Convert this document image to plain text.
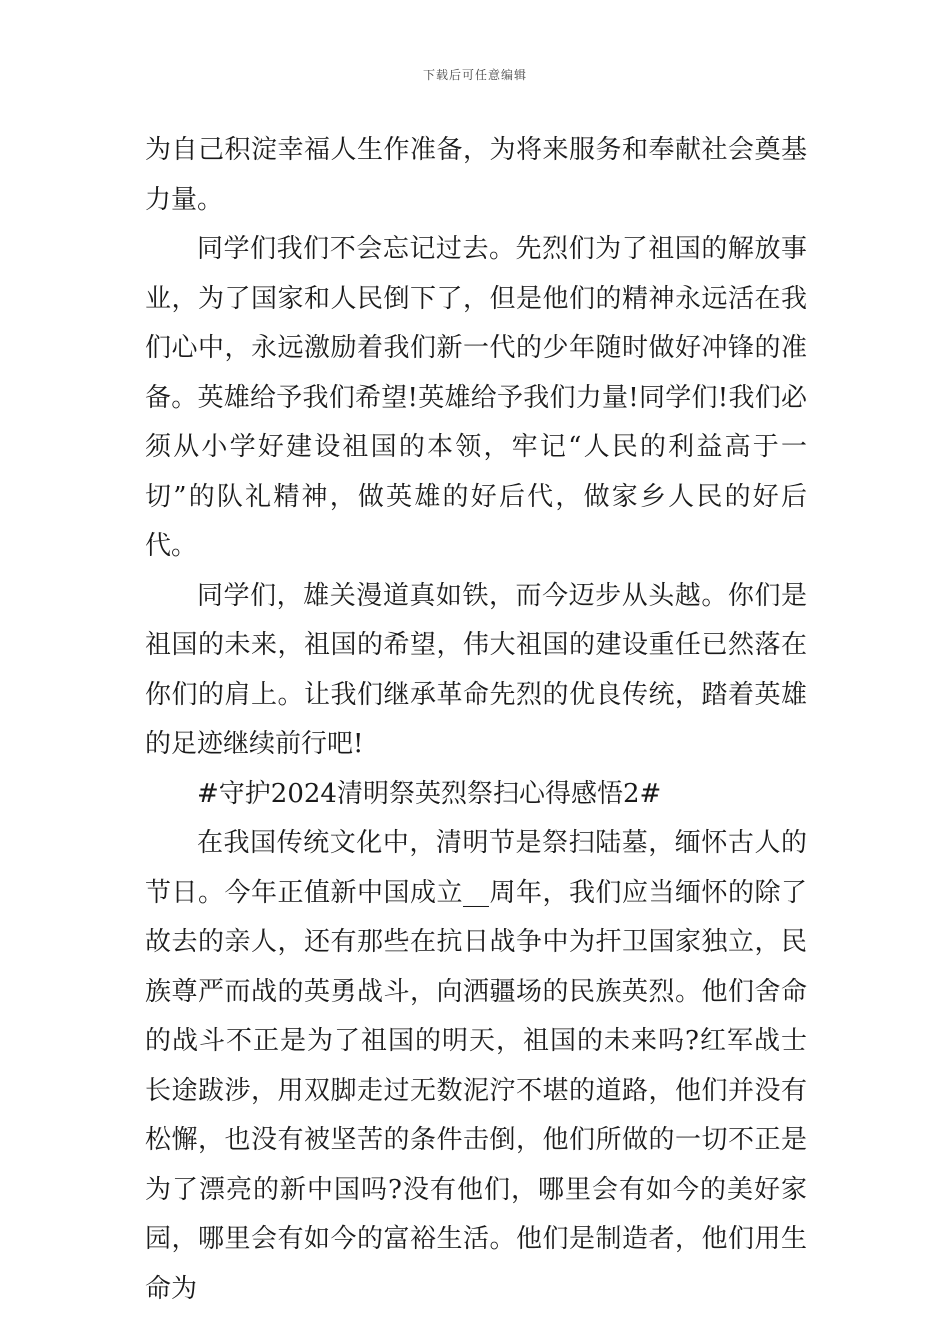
下载后可任意编辑

为自己积淀幸福人生作准备，为将来服务和奉献社会奠基力量。

同学们我们不会忘记过去。先烈们为了祖国的解放事业，为了国家和人民倒下了，但是他们的精神永远活在我们心中，永远激励着我们新一代的少年随时做好冲锋的准备。英雄给予我们希望!英雄给予我们力量!同学们!我们必须从小学好建设祖国的本领，牢记“人民的利益高于一切”的队礼精神，做英雄的好后代，做家乡人民的好后代。

同学们，雄关漫道真如铁，而今迈步从头越。你们是祖国的未来，祖国的希望，伟大祖国的建设重任已然落在你们的肩上。让我们继承革命先烈的优良传统，踏着英雄的足迹继续前行吧!

#守护2024清明祭英烈祭扫心得感悟2#

在我国传统文化中，清明节是祭扫陆墓，缅怀古人的节日。今年正值新中国成立__周年，我们应当缅怀的除了故去的亲人，还有那些在抗日战争中为扞卫国家独立，民族尊严而战的英勇战斗，向洒疆场的民族英烈。他们舍命的战斗不正是为了祖国的明天，祖国的未来吗?红军战士长途跋涉，用双脚走过无数泥泞不堪的道路，他们并没有松懈，也没有被坚苦的条件击倒，他们所做的一切不正是为了漂亮的新中国吗?没有他们，哪里会有如今的美好家园，哪里会有如今的富裕生活。他们是制造者，他们用生命为
